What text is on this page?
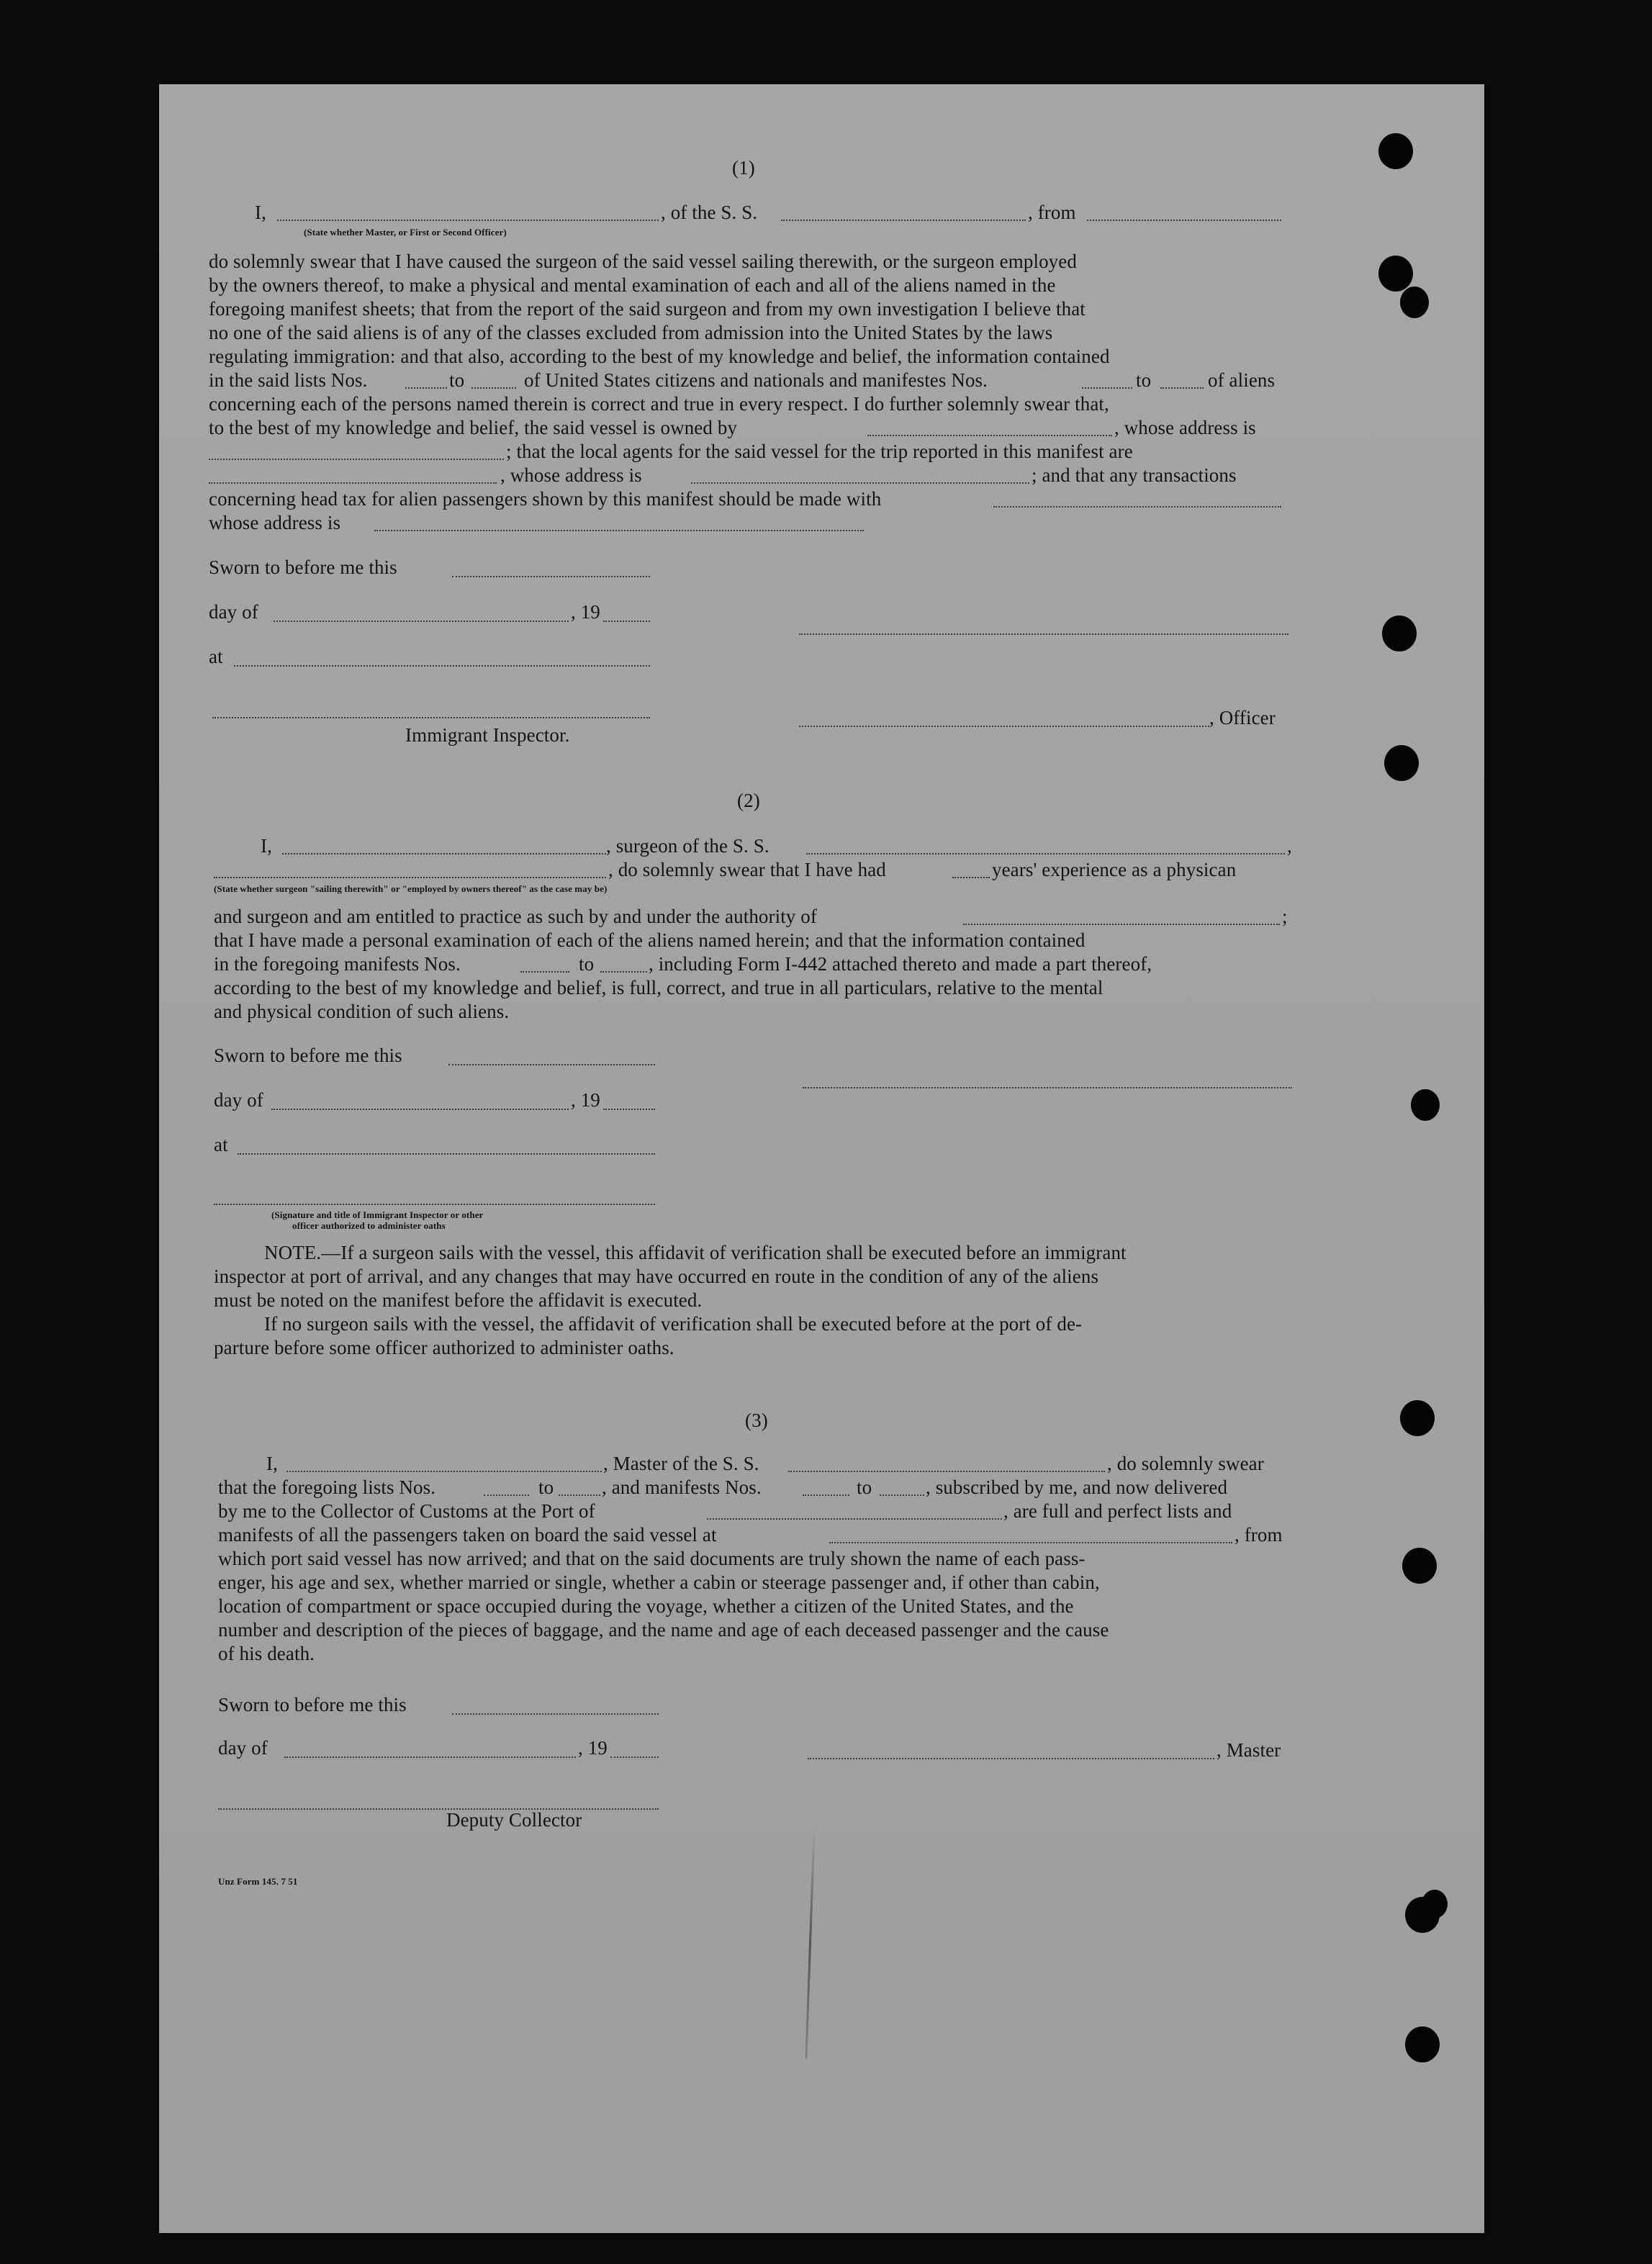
(1)
I,	, of the S. S.	, from
(State whether Master, or First or Second Officer)
do solemnly swear that I have caused the surgeon of the said vessel sailing therewith, or the surgeon employed
by the owners thereof, to make a physical and mental examination of each and all of the aliens named in the
foregoing manifest sheets; that from the report of the said surgeon and from my own investigation I believe that
no one of the said aliens is of any of the classes excluded from admission into the United States by the laws
regulating immigration: and that also, according to the best of my knowledge and belief, the information contained
in the said lists Nos.	to	of United States citizens and nationals and manifestes Nos.	to	of aliens
concerning each of the persons named therein is correct and true in every respect. I do further solemnly swear that,
to the best of my knowledge and belief, the said vessel is owned by	, whose address is
; that the local agents for the said vessel for the trip reported in this manifest are
, whose address is	; and that any transactions
concerning head tax for alien passengers shown by this manifest should be made with
whose address is
Sworn to before me this
day of	, 19
at
, Officer
Immigrant Inspector.
(2)
I,	, surgeon of the S. S.	,
, do solemnly swear that I have had	years' experience as a physican
(State whether surgeon "sailing therewith" or "employed by owners thereof" as the case may be)
and surgeon and am entitled to practice as such by and under the authority of	;
that I have made a personal examination of each of the aliens named herein; and that the information contained
in the foregoing manifests Nos.	to	, including Form I-442 attached thereto and made a part thereof,
according to the best of my knowledge and belief, is full, correct, and true in all particulars, relative to the mental
and physical condition of such aliens.
Sworn to before me this
day of	, 19
at
(Signature and title of Immigrant Inspector or other
officer authorized to administer oaths
NOTE.—If a surgeon sails with the vessel, this affidavit of verification shall be executed before an immigrant
inspector at port of arrival, and any changes that may have occurred en route in the condition of any of the aliens
must be noted on the manifest before the affidavit is executed.
If no surgeon sails with the vessel, the affidavit of verification shall be executed before at the port of de-
parture before some officer authorized to administer oaths.
(3)
I,	, Master of the S. S.	, do solemnly swear
that the foregoing lists Nos.	to , and manifests Nos.	to	, subscribed by me, and now delivered
by me to the Collector of Customs at the Port of	, are full and perfect lists and
manifests of all the passengers taken on board the said vessel at	, from
which port said vessel has now arrived; and that on the said documents are truly shown the name of each pass-
enger, his age and sex, whether married or single, whether a cabin or steerage passenger and, if other than cabin,
location of compartment or space occupied during the voyage, whether a citizen of the United States, and the
number and description of the pieces of baggage, and the name and age of each deceased passenger and the cause
of his death.
Sworn to before me this
day of	, 19	, Master
Deputy Collector
Unz Form 145. 7 51
